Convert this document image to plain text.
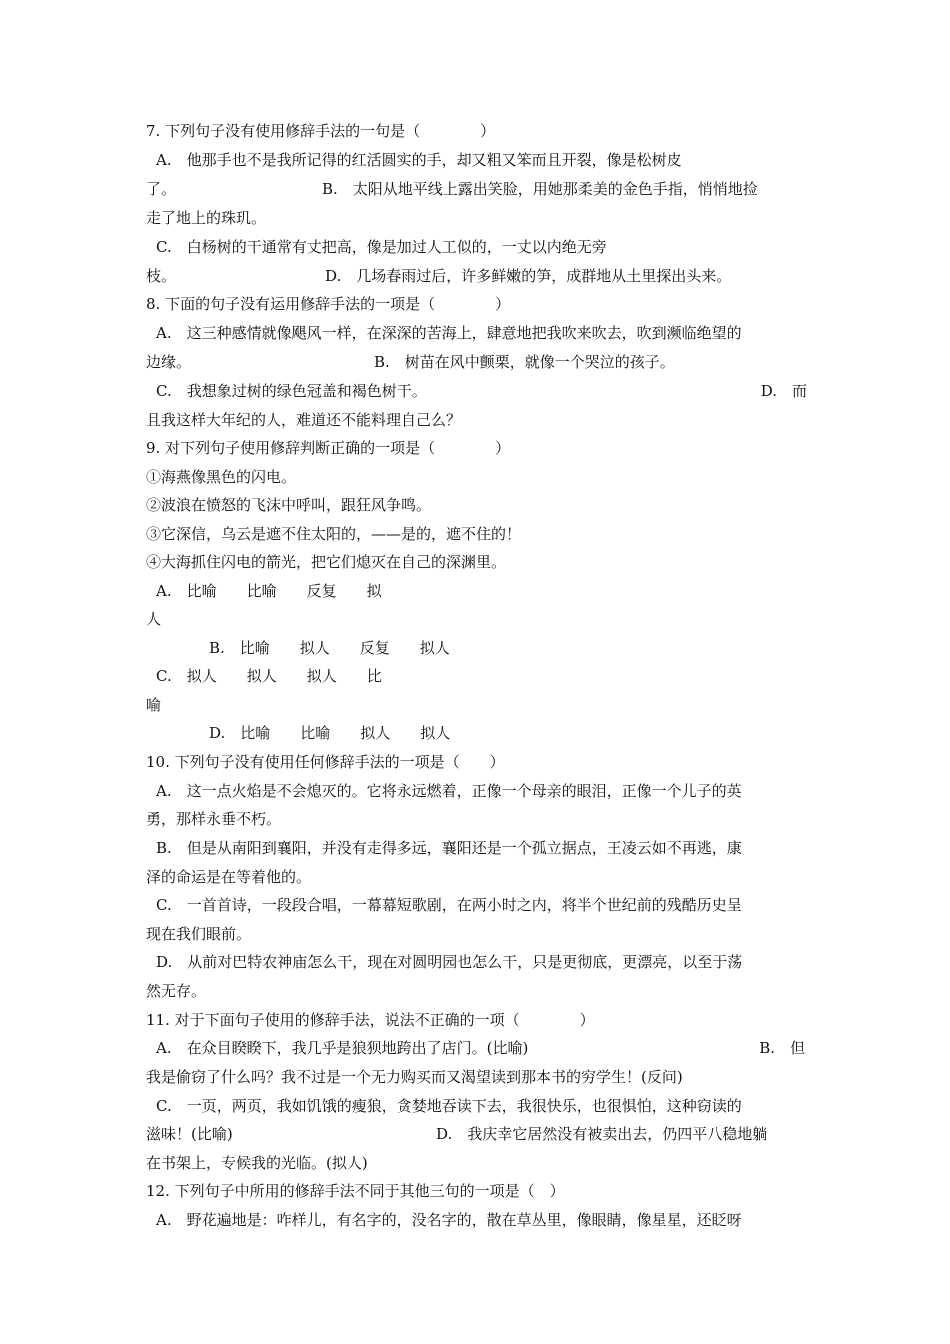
7. 下列句子没有使用修辞手法的一句是（　　　　）
A.　他那手也不是我所记得的红活圆实的手，却又粗又笨而且开裂，像是松树皮
了。	B.　太阳从地平线上露出笑脸，用她那柔美的金色手指，悄悄地捡
走了地上的珠玑。
C.　白杨树的干通常有丈把高，像是加过人工似的，一丈以内绝无旁
枝。	D.　几场春雨过后，许多鲜嫩的笋，成群地从土里探出头来。
8. 下面的句子没有运用修辞手法的一项是（　　　　）
A.　这三种感情就像飓风一样，在深深的苦海上，肆意地把我吹来吹去，吹到濒临绝望的
边缘。	B.　树苗在风中颤栗，就像一个哭泣的孩子。
C.　我想象过树的绿色冠盖和褐色树干。	D.　而
且我这样大年纪的人，难道还不能料理自己么？
9. 对下列句子使用修辞判断正确的一项是（　　　　）
①海燕像黑色的闪电。
②波浪在愤怒的飞沫中呼叫，跟狂风争鸣。
③它深信，乌云是遮不住太阳的，——是的，遮不住的！
④大海抓住闪电的箭光，把它们熄灭在自己的深渊里。
A.　比喻　　比喻　　反复　　拟
人
B.　比喻　　拟人　　反复　　拟人
C.　拟人　　拟人　　拟人　　比
喻
D.　比喻　　比喻　　拟人　　拟人
10. 下列句子没有使用任何修辞手法的一项是（　　）
A.　这一点火焰是不会熄灭的。它将永远燃着，正像一个母亲的眼泪，正像一个儿子的英
勇，那样永垂不朽。
B.　但是从南阳到襄阳，并没有走得多远，襄阳还是一个孤立据点，王凌云如不再逃，康
泽的命运是在等着他的。
C.　一首首诗，一段段合唱，一幕幕短歌剧，在两小时之内，将半个世纪前的残酷历史呈
现在我们眼前。
D.　从前对巴特农神庙怎么干，现在对圆明园也怎么干，只是更彻底，更漂亮，以至于荡
然无存。
11. 对于下面句子使用的修辞手法，说法不正确的一项（　　　　）
A.　在众目睽睽下，我几乎是狼狈地跨出了店门。(比喻)	B.　但
我是偷窃了什么吗？我不过是一个无力购买而又渴望读到那本书的穷学生！(反问)
C.　一页，两页，我如饥饿的瘦狼，贪婪地吞读下去，我很快乐，也很惧怕，这种窃读的
滋味！(比喻)	D.　我庆幸它居然没有被卖出去，仍四平八稳地躺
在书架上，专候我的光临。(拟人)
12. 下列句子中所用的修辞手法不同于其他三句的一项是（　）
A.　野花遍地是：咋样儿，有名字的，没名字的，散在草丛里，像眼睛，像星星，还眨呀
